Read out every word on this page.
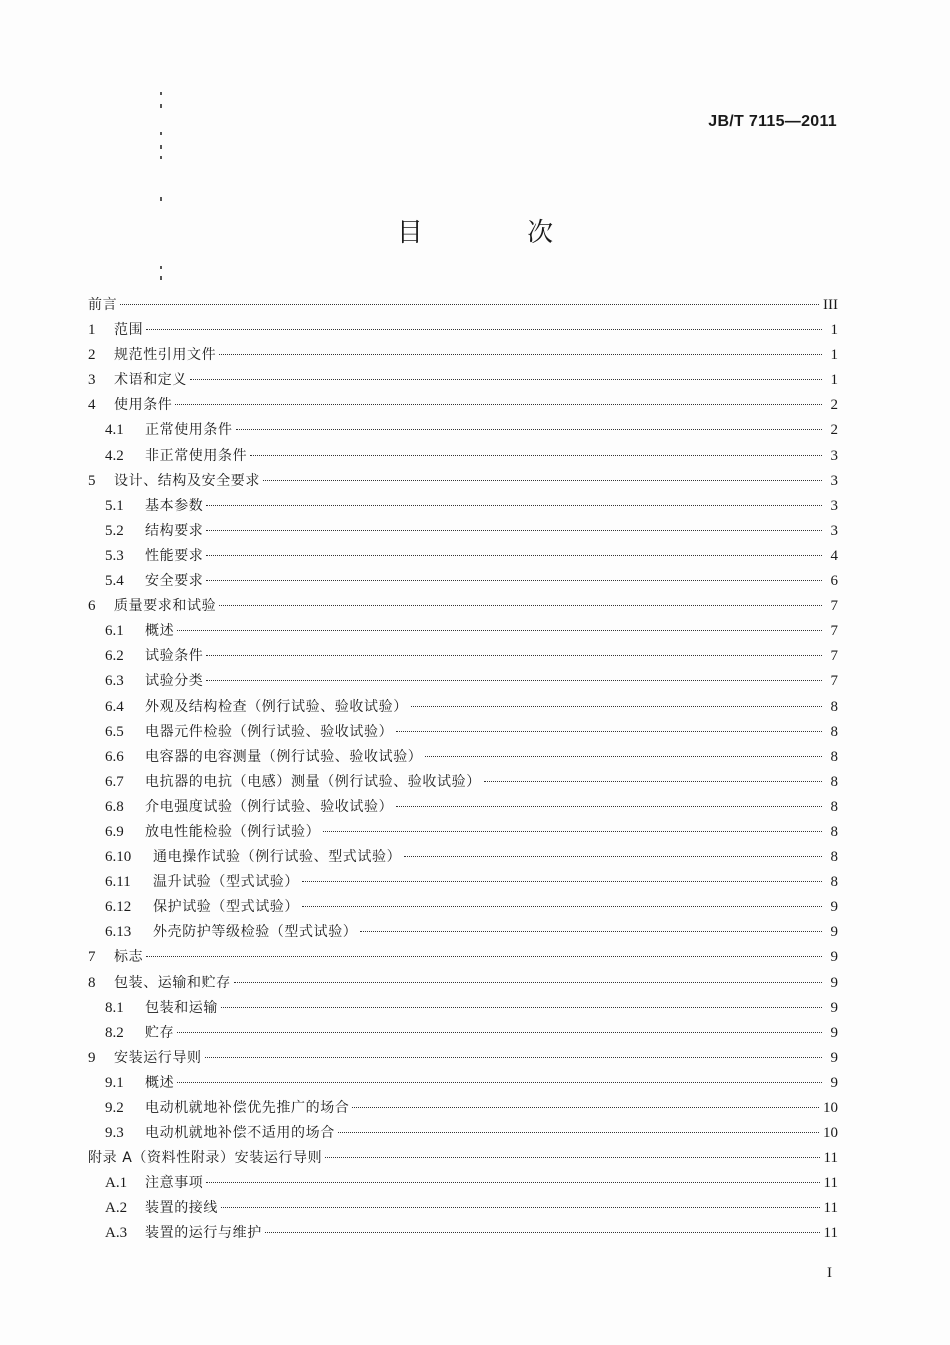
JB/T 7115—2011
目 次
前言	III
1	范围	1
2	规范性引用文件	1
3	术语和定义	1
4	使用条件	2
4.1	正常使用条件	2
4.2	非正常使用条件	3
5	设计、结构及安全要求	3
5.1	基本参数	3
5.2	结构要求	3
5.3	性能要求	4
5.4	安全要求	6
6	质量要求和试验	7
6.1	概述	7
6.2	试验条件	7
6.3	试验分类	7
6.4	外观及结构检查（例行试验、验收试验）	8
6.5	电器元件检验（例行试验、验收试验）	8
6.6	电容器的电容测量（例行试验、验收试验）	8
6.7	电抗器的电抗（电感）测量（例行试验、验收试验）	8
6.8	介电强度试验（例行试验、验收试验）	8
6.9	放电性能检验（例行试验）	8
6.10	通电操作试验（例行试验、型式试验）	8
6.11	温升试验（型式试验）	8
6.12	保护试验（型式试验）	9
6.13	外壳防护等级检验（型式试验）	9
7	标志	9
8	包装、运输和贮存	9
8.1	包装和运输	9
8.2	贮存	9
9	安装运行导则	9
9.1	概述	9
9.2	电动机就地补偿优先推广的场合	10
9.3	电动机就地补偿不适用的场合	10
附录 A（资料性附录）安装运行导则	11
A.1	注意事项	11
A.2	装置的接线	11
A.3	装置的运行与维护	11
I
